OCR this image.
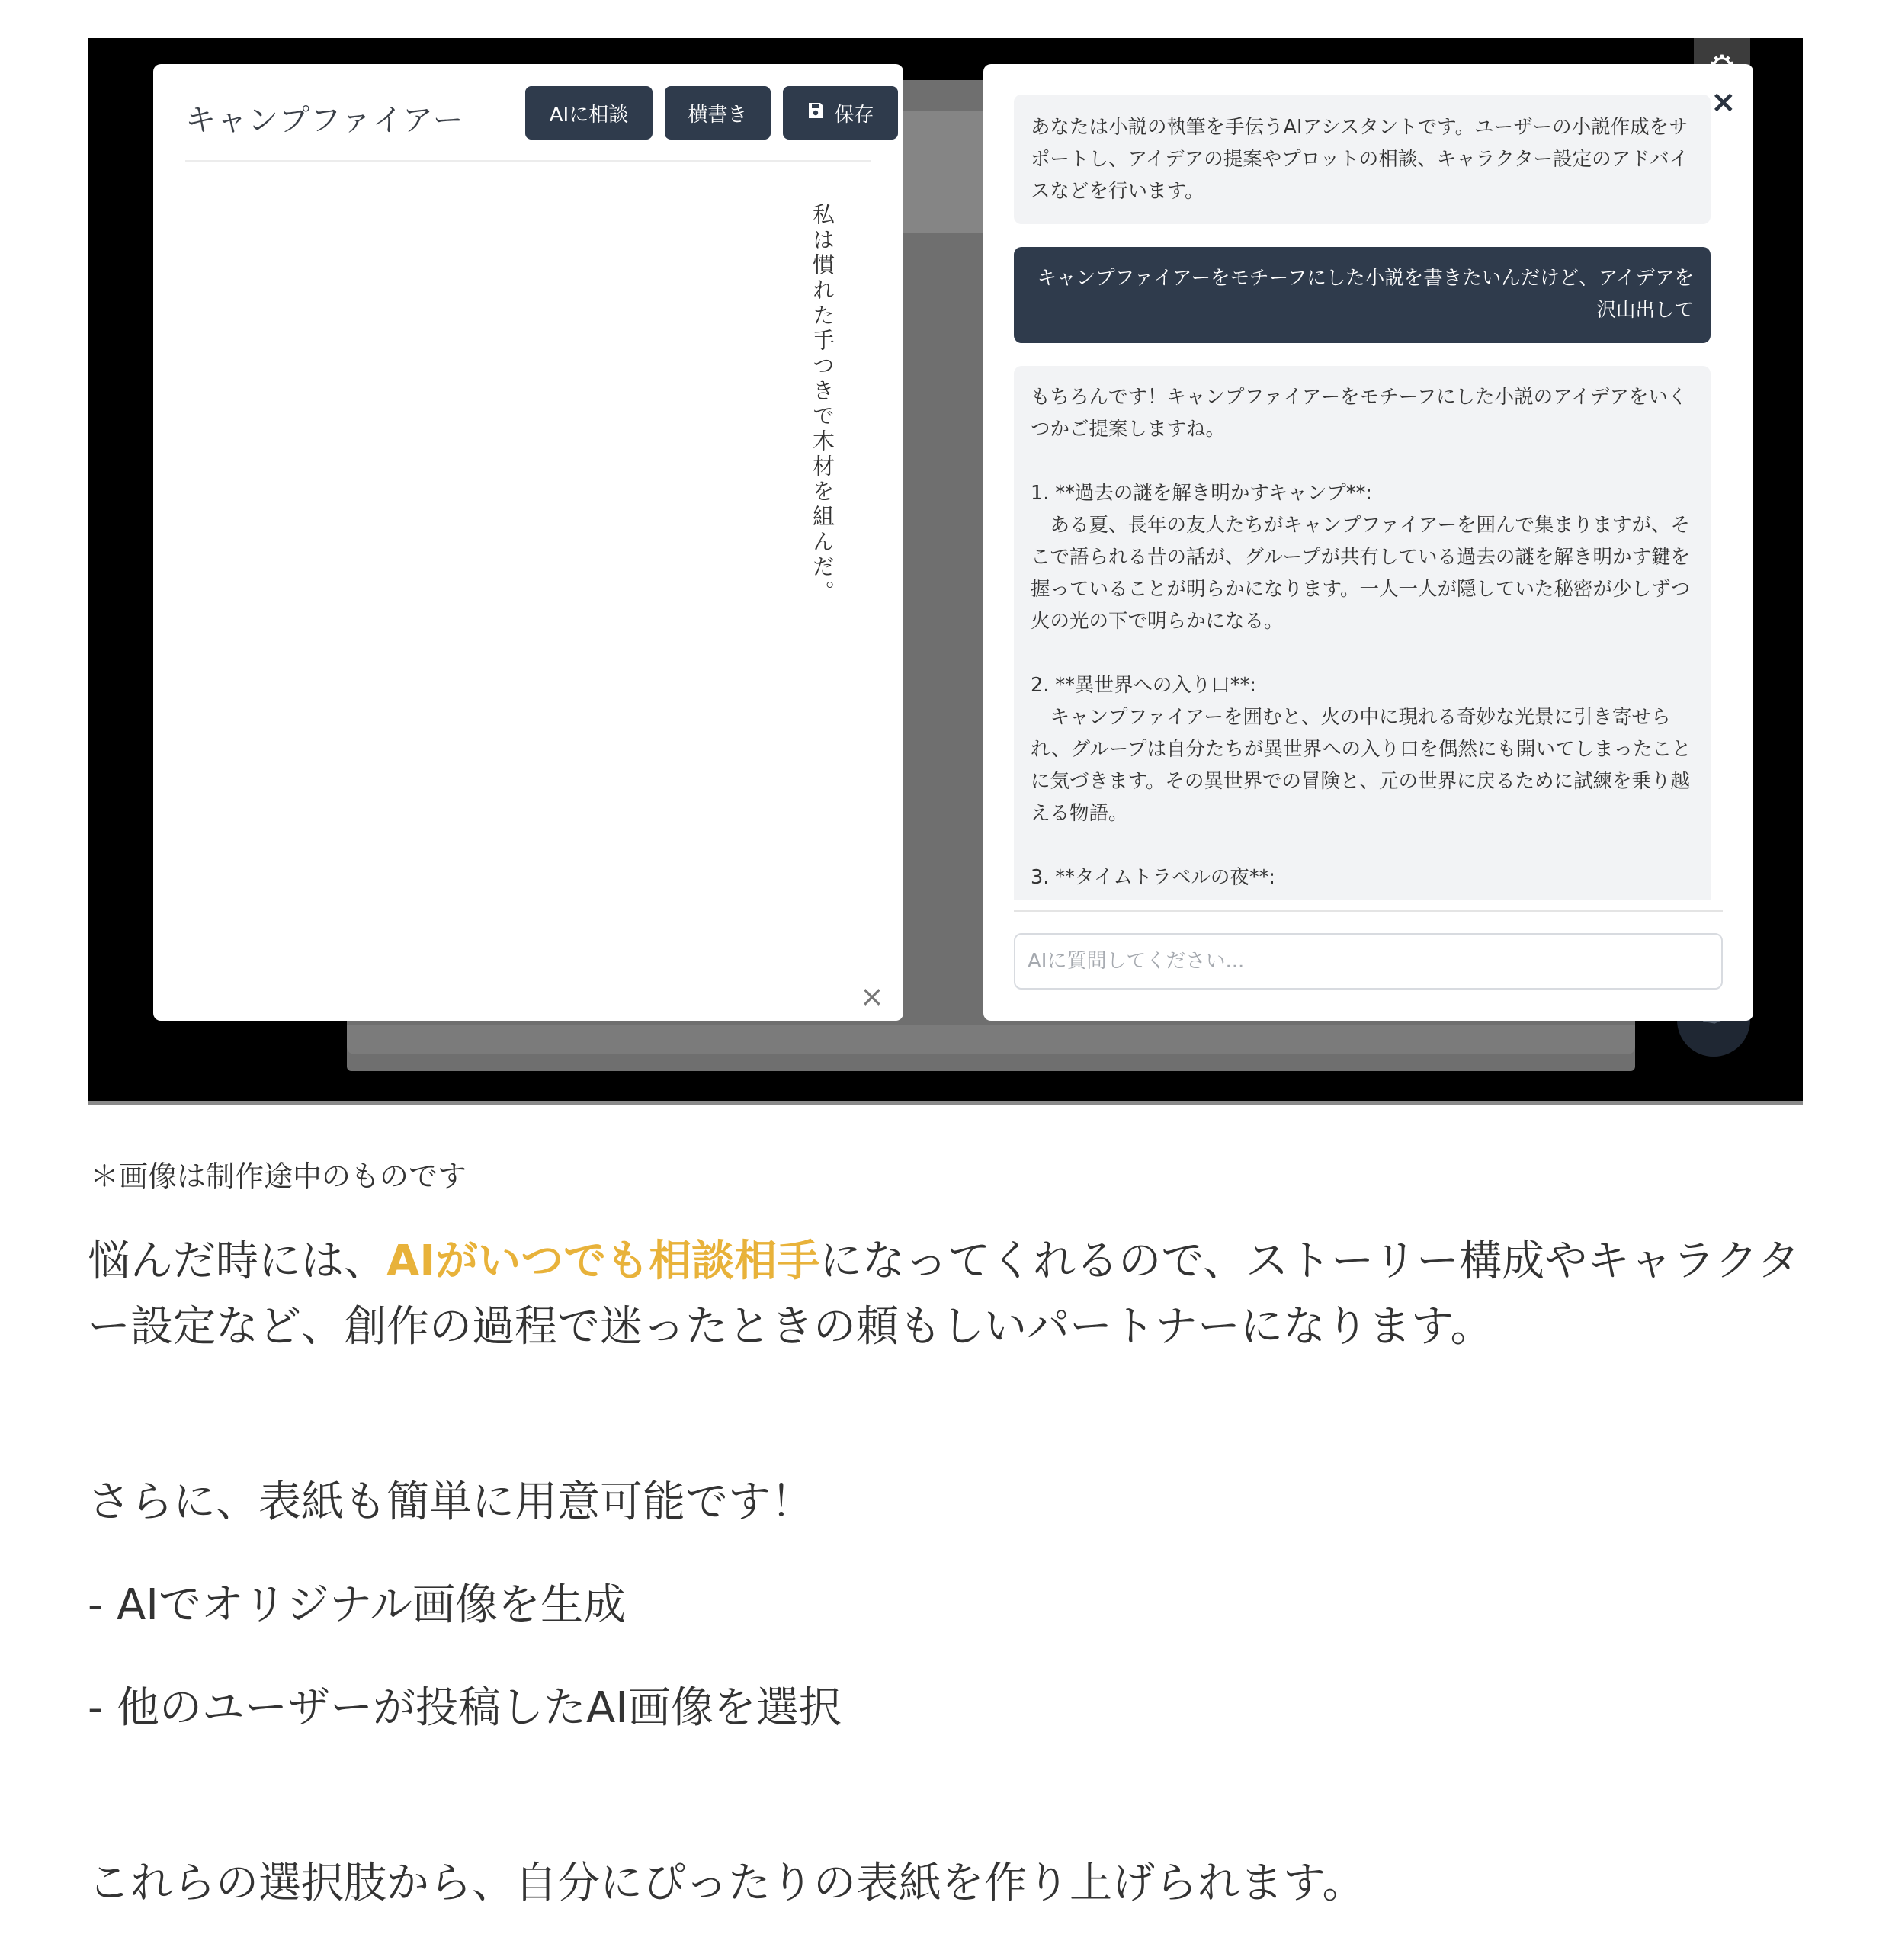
キャンプファイアー	AIに相談	横書き	保存
私は慣れた手つきで木材を組んだ。
×
×
あなたは小説の執筆を手伝うAIアシスタントです。ユーザーの小説作成をサポートし、アイデアの提案やプロットの相談、キャラクター設定のアドバイスなどを行います。
キャンプファイアーをモチーフにした小説を書きたいんだけど、アイデアを沢山出して
もちろんです！キャンプファイアーをモチーフにした小説のアイデアをいくつかご提案しますね。

1. **過去の謎を解き明かすキャンプ**:
　ある夏、長年の友人たちがキャンプファイアーを囲んで集まりますが、そこで語られる昔の話が、グループが共有している過去の謎を解き明かす鍵を握っていることが明らかになります。一人一人が隠していた秘密が少しずつ火の光の下で明らかになる。

2. **異世界への入り口**:
　キャンプファイアーを囲むと、火の中に現れる奇妙な光景に引き寄せられ、グループは自分たちが異世界への入り口を偶然にも開いてしまったことに気づきます。その異世界での冒険と、元の世界に戻るために試練を乗り越える物語。

3. **タイムトラベルの夜**:
AIに質問してください...
＊画像は制作途中のものです

悩んだ時には、AIがいつでも相談相手になってくれるので、ストーリー構成やキャラクター設定など、創作の過程で迷ったときの頼もしいパートナーになります。

さらに、表紙も簡単に用意可能です！

- AIでオリジナル画像を生成

- 他のユーザーが投稿したAI画像を選択

これらの選択肢から、自分にぴったりの表紙を作り上げられます。
